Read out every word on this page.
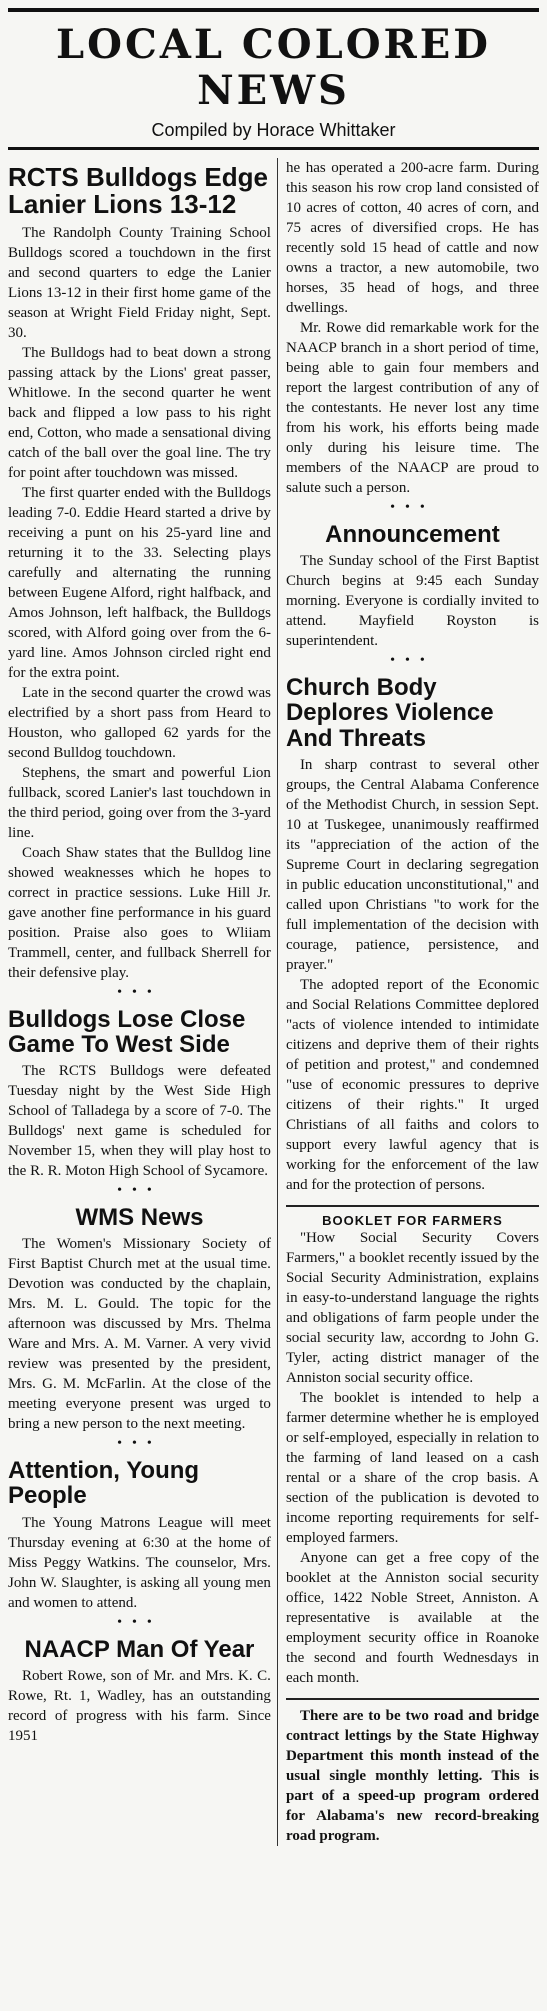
LOCAL COLORED NEWS
Compiled by Horace Whittaker
RCTS Bulldogs Edge Lanier Lions 13-12

The Randolph County Training School Bulldogs scored a touchdown in the first and second quarters to edge the Lanier Lions 13-12 in their first home game of the season at Wright Field Friday night, Sept. 30.

The Bulldogs had to beat down a strong passing attack by the Lions' great passer, Whitlowe. In the second quarter he went back and flipped a low pass to his right end, Cotton, who made a sensational diving catch of the ball over the goal line. The try for point after touchdown was missed.

The first quarter ended with the Bulldogs leading 7-0. Eddie Heard started a drive by receiving a punt on his 25-yard line and returning it to the 33. Selecting plays carefully and alternating the running between Eugene Alford, right halfback, and Amos Johnson, left halfback, the Bulldogs scored, with Alford going over from the 6-yard line. Amos Johnson circled right end for the extra point.

Late in the second quarter the crowd was electrified by a short pass from Heard to Houston, who galloped 62 yards for the second Bulldog touchdown.

Stephens, the smart and powerful Lion fullback, scored Lanier's last touchdown in the third period, going over from the 3-yard line.

Coach Shaw states that the Bulldog line showed weaknesses which he hopes to correct in practice sessions. Luke Hill Jr. gave another fine performance in his guard position. Praise also goes to Wliiam Trammell, center, and fullback Sherrell for their defensive play.

•••
Bulldogs Lose Close Game To West Side

The RCTS Bulldogs were defeated Tuesday night by the West Side High School of Talladega by a score of 7-0. The Bulldogs' next game is scheduled for November 15, when they will play host to the R. R. Moton High School of Sycamore.

•••
WMS News

The Women's Missionary Society of First Baptist Church met at the usual time. Devotion was conducted by the chaplain, Mrs. M. L. Gould. The topic for the afternoon was discussed by Mrs. Thelma Ware and Mrs. A. M. Varner. A very vivid review was presented by the president, Mrs. G. M. McFarlin. At the close of the meeting everyone present was urged to bring a new person to the next meeting.

•••
Attention, Young People

The Young Matrons League will meet Thursday evening at 6:30 at the home of Miss Peggy Watkins. The counselor, Mrs. John W. Slaughter, is asking all young men and women to attend.

•••
NAACP Man Of Year

Robert Rowe, son of Mr. and Mrs. K. C. Rowe, Rt. 1, Wadley, has an outstanding record of progress with his farm. Since 1951

he has operated a 200-acre farm. During this season his row crop land consisted of 10 acres of cotton, 40 acres of corn, and 75 acres of diversified crops. He has recently sold 15 head of cattle and now owns a tractor, a new automobile, two horses, 35 head of hogs, and three dwellings.

Mr. Rowe did remarkable work for the NAACP branch in a short period of time, being able to gain four members and report the largest contribution of any of the contestants. He never lost any time from his work, his efforts being made only during his leisure time. The members of the NAACP are proud to salute such a person.

•••
Announcement

The Sunday school of the First Baptist Church begins at 9:45 each Sunday morning. Everyone is cordially invited to attend. Mayfield Royston is superintendent.

•••
Church Body Deplores Violence And Threats

In sharp contrast to several other groups, the Central Alabama Conference of the Methodist Church, in session Sept. 10 at Tuskegee, unanimously reaffirmed its "appreciation of the action of the Supreme Court in declaring segregation in public education unconstitutional," and called upon Christians "to work for the full implementation of the decision with courage, patience, persistence, and prayer."

The adopted report of the Economic and Social Relations Committee deplored "acts of violence intended to intimidate citizens and deprive them of their rights of petition and protest," and condemned "use of economic pressures to deprive citizens of their rights." It urged Christians of all faiths and colors to support every lawful agency that is working for the enforcement of the law and for the protection of persons.

BOOKLET FOR FARMERS

"How Social Security Covers Farmers," a booklet recently issued by the Social Security Administration, explains in easy-to-understand language the rights and obligations of farm people under the social security law, accordng to John G. Tyler, acting district manager of the Anniston social security office.

The booklet is intended to help a farmer determine whether he is employed or self-employed, especially in relation to the farming of land leased on a cash rental or a share of the crop basis. A section of the publication is devoted to income reporting requirements for self-employed farmers.

Anyone can get a free copy of the booklet at the Anniston social security office, 1422 Noble Street, Anniston. A representative is available at the employment security office in Roanoke the second and fourth Wednesdays in each month.

There are to be two road and bridge contract lettings by the State Highway Department this month instead of the usual single monthly letting. This is part of a speed-up program ordered for Alabama's new record-breaking road program.
